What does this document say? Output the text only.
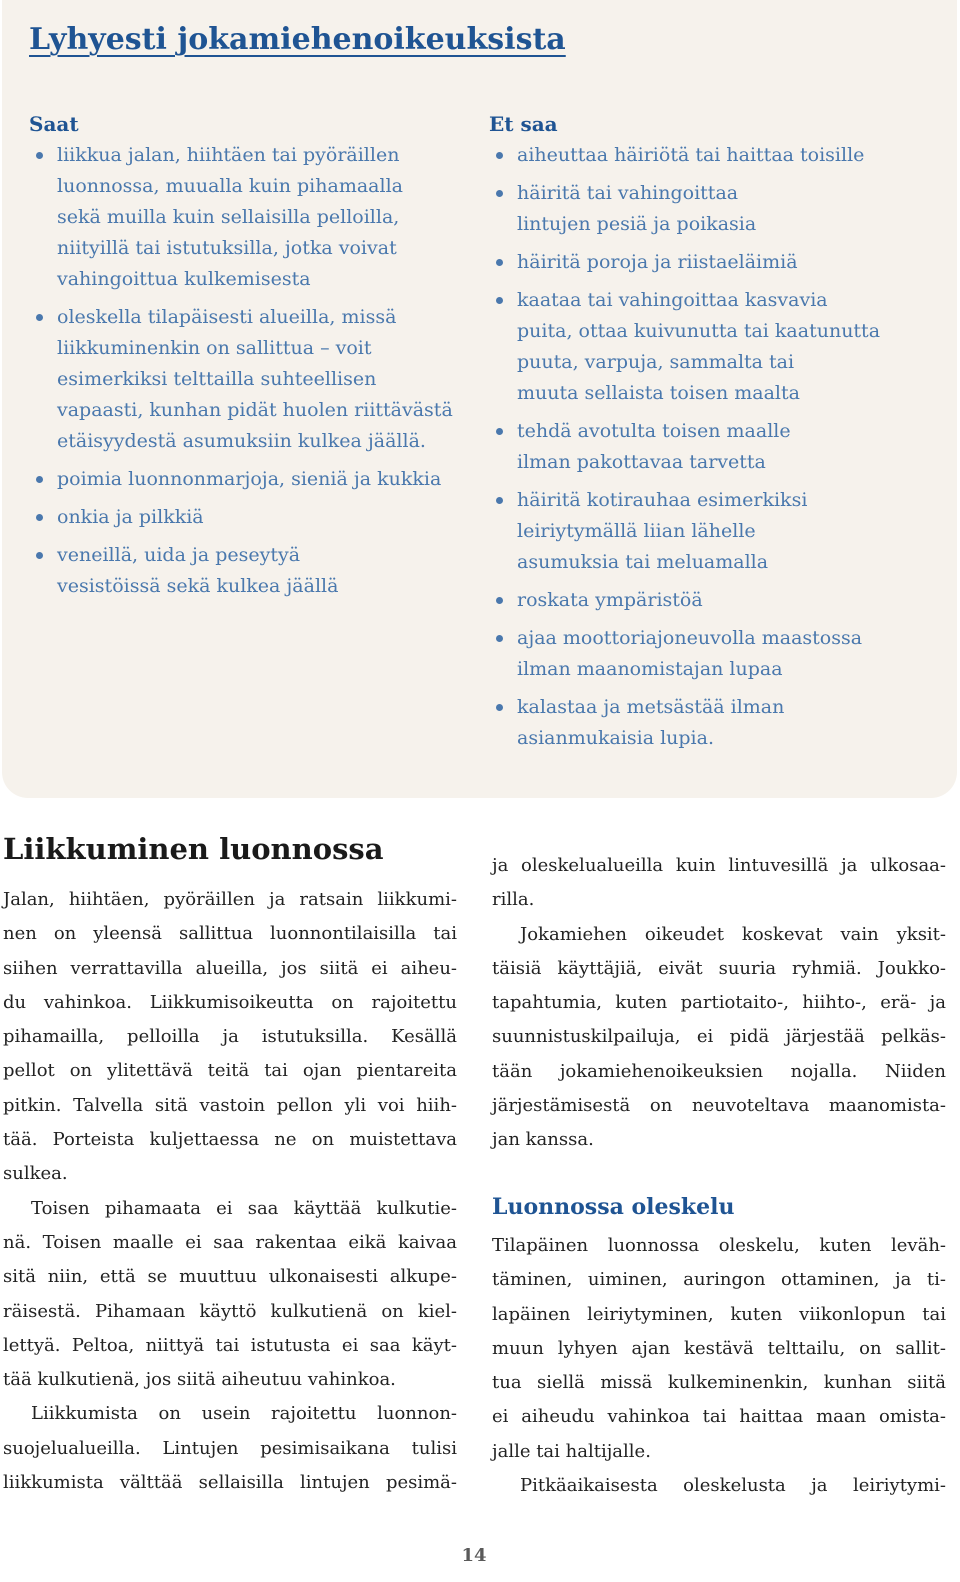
Lyhyesti jokamiehenoikeuksista
Saat
liikkua jalan, hiihtäen tai pyöräillen
luonnossa, muualla kuin pihamaalla
sekä muilla kuin sellaisilla pelloilla,
niityillä tai istutuksilla, jotka voivat
vahingoittua kulkemisesta
oleskella tilapäisesti alueilla, missä
liikkuminenkin on sallittua – voit
esimerkiksi telttailla suhteellisen
vapaasti, kunhan pidät huolen riittävästä
etäisyydestä asumuksiin kulkea jäällä.
poimia luonnonmarjoja, sieniä ja kukkia
onkia ja pilkkiä
veneillä, uida ja peseytyä
vesistöissä sekä kulkea jäällä
Et saa
aiheuttaa häiriötä tai haittaa toisille
häiritä tai vahingoittaa
lintujen pesiä ja poikasia
häiritä poroja ja riistaeläimiä
kaataa tai vahingoittaa kasvavia
puita, ottaa kuivunutta tai kaatunutta
puuta, varpuja, sammalta tai
muuta sellaista toisen maalta
tehdä avotulta toisen maalle
ilman pakottavaa tarvetta
häiritä kotirauhaa esimerkiksi
leiriytymällä liian lähelle
asumuksia tai meluamalla
roskata ympäristöä
ajaa moottoriajoneuvolla maastossa
ilman maanomistajan lupaa
kalastaa ja metsästää ilman
asianmukaisia lupia.
Liikkuminen luonnossa
Jalan, hiihtäen, pyöräillen ja ratsain liikkumi-
nen on yleensä sallittua luonnontilaisilla tai
siihen verrattavilla alueilla, jos siitä ei aiheu-
du vahinkoa. Liikkumisoikeutta on rajoitettu
pihamailla, pelloilla ja istutuksilla. Kesällä
pellot on ylitettävä teitä tai ojan pientareita
pitkin. Talvella sitä vastoin pellon yli voi hiih-
tää. Porteista kuljettaessa ne on muistettava
sulkea.
Toisen pihamaata ei saa käyttää kulkutie-
nä. Toisen maalle ei saa rakentaa eikä kaivaa
sitä niin, että se muuttuu ulkonaisesti alkupe-
räisestä. Pihamaan käyttö kulkutienä on kiel-
lettyä. Peltoa, niittyä tai istutusta ei saa käyt-
tää kulkutienä, jos siitä aiheutuu vahinkoa.
Liikkumista on usein rajoitettu luonnon-
suojelualueilla. Lintujen pesimisaikana tulisi
liikkumista välttää sellaisilla lintujen pesimä-
ja oleskelualueilla kuin lintuvesillä ja ulkosaa-
rilla.
Jokamiehen oikeudet koskevat vain yksit-
täisiä käyttäjiä, eivät suuria ryhmiä. Joukko-
tapahtumia, kuten partiotaito-, hiihto-, erä- ja
suunnistuskilpailuja, ei pidä järjestää pelkäs-
tään jokamiehenoikeuksien nojalla. Niiden
järjestämisestä on neuvoteltava maanomista-
jan kanssa.
Luonnossa oleskelu
Tilapäinen luonnossa oleskelu, kuten leväh-
täminen, uiminen, auringon ottaminen, ja ti-
lapäinen leiriytyminen, kuten viikonlopun tai
muun lyhyen ajan kestävä telttailu, on sallit-
tua siellä missä kulkeminenkin, kunhan siitä
ei aiheudu vahinkoa tai haittaa maan omista-
jalle tai haltijalle.
Pitkäaikaisesta oleskelusta ja leiriytymi-
14
